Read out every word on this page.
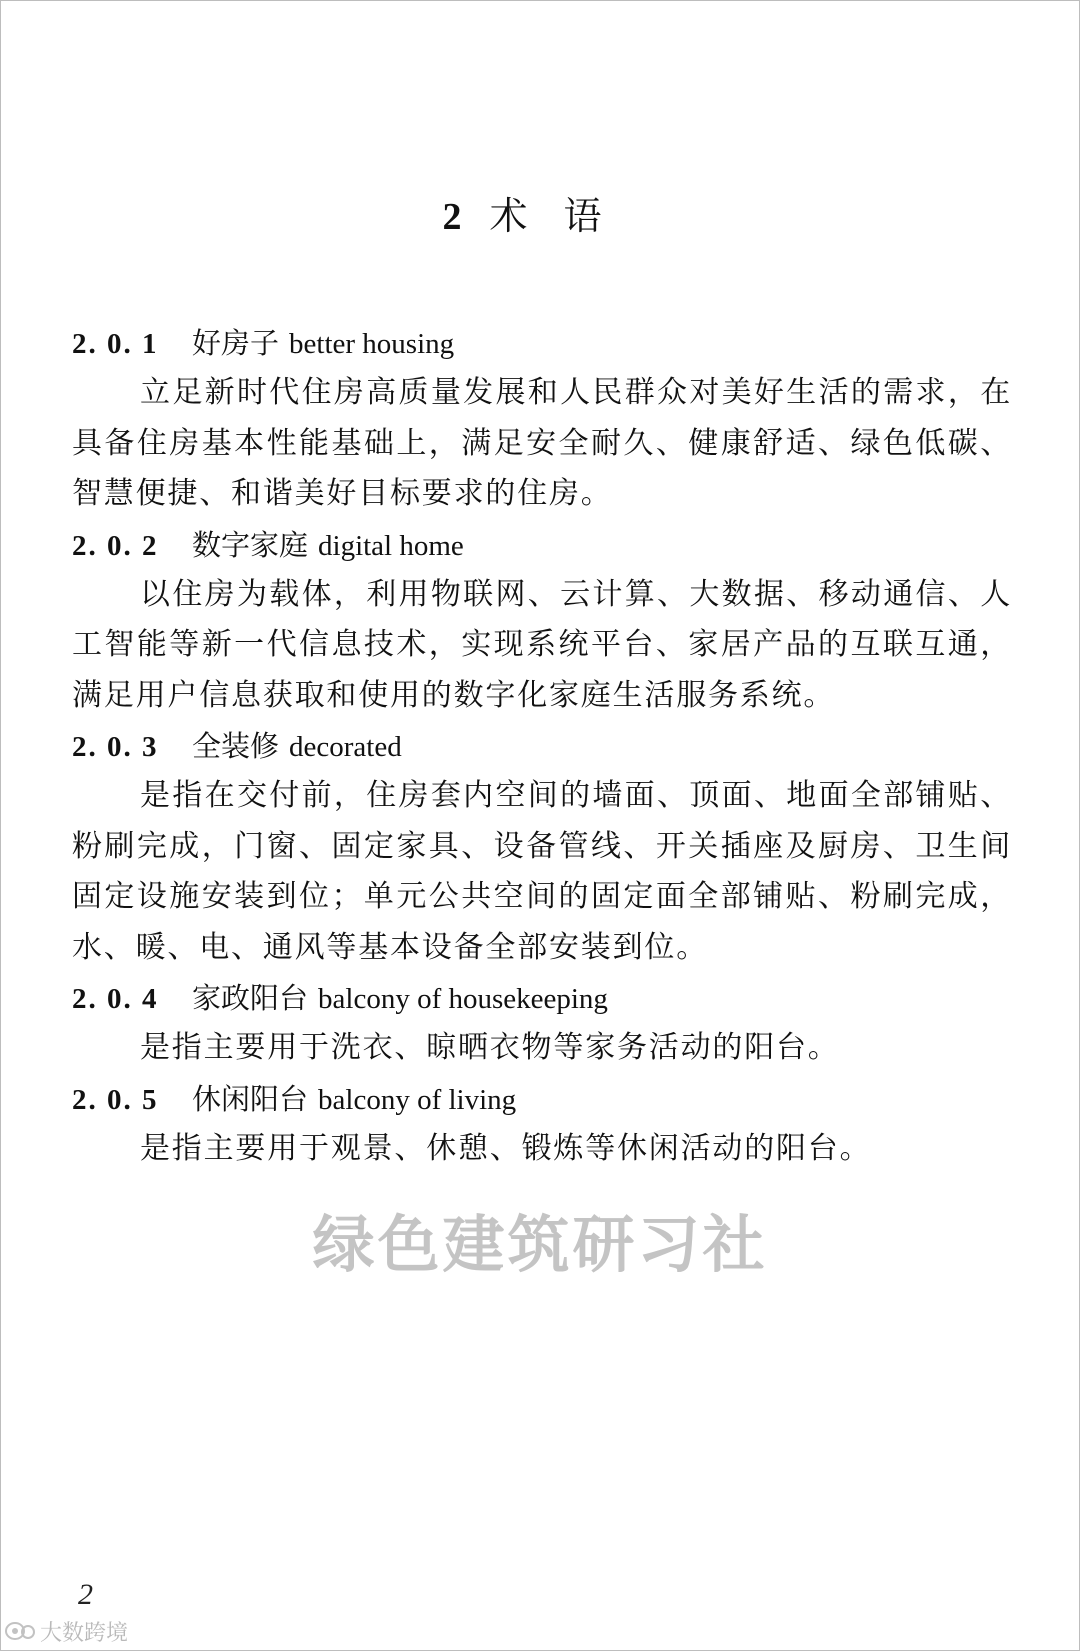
2 术语
2. 0. 1 好房子 better housing

立足新时代住房高质量发展和人民群众对美好生活的需求，在具备住房基本性能基础上，满足安全耐久、健康舒适、绿色低碳、智慧便捷、和谐美好目标要求的住房。

2. 0. 2 数字家庭 digital home

以住房为载体，利用物联网、云计算、大数据、移动通信、人工智能等新一代信息技术，实现系统平台、家居产品的互联互通，满足用户信息获取和使用的数字化家庭生活服务系统。

2. 0. 3 全装修 decorated

是指在交付前，住房套内空间的墙面、顶面、地面全部铺贴、粉刷完成，门窗、固定家具、设备管线、开关插座及厨房、卫生间固定设施安装到位；单元公共空间的固定面全部铺贴、粉刷完成，水、暖、电、通风等基本设备全部安装到位。

2. 0. 4 家政阳台 balcony of housekeeping

是指主要用于洗衣、晾晒衣物等家务活动的阳台。

2. 0. 5 休闲阳台 balcony of living

是指主要用于观景、休憩、锻炼等休闲活动的阳台。

绿色建筑研习社
2
大数跨境
